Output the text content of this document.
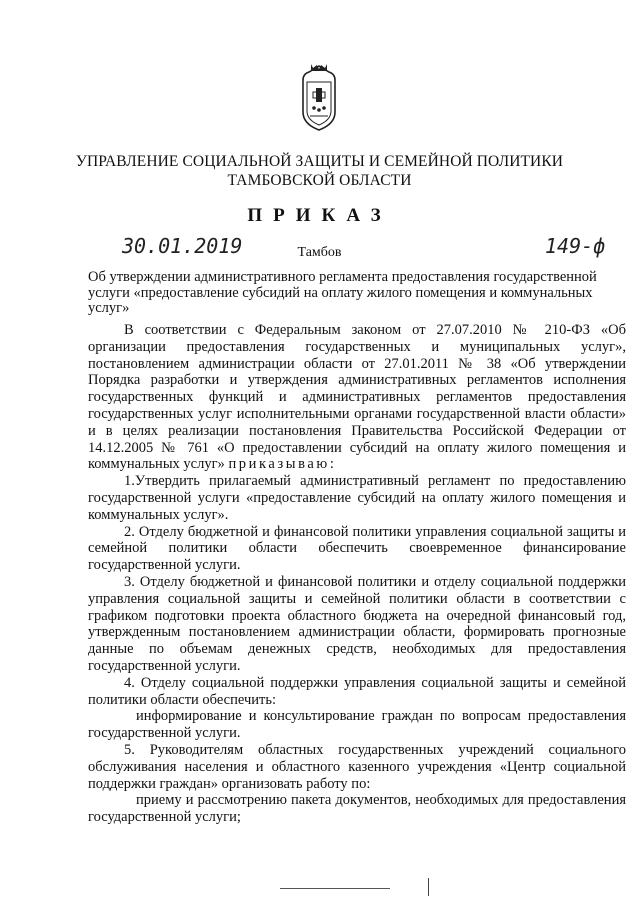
УПРАВЛЕНИЕ СОЦИАЛЬНОЙ ЗАЩИТЫ И СЕМЕЙНОЙ ПОЛИТИКИ
ТАМБОВСКОЙ ОБЛАСТИ
ПРИКАЗ
30.01.2019	Тамбов	149-ф
Об утверждении административного регламента предоставления государственной услуги «предоставление субсидий на оплату жилого помещения и коммунальных услуг»

В соответствии с Федеральным законом от 27.07.2010 № 210-ФЗ «Об организации предоставления государственных и муниципальных услуг», постановлением администрации области от 27.01.2011 № 38 «Об утверждении Порядка разработки и утверждения административных регламентов исполнения государственных функций и административных регламентов предоставления государственных услуг исполнительными органами государственной власти области» и в целях реализации постановления Правительства Российской Федерации от 14.12.2005 № 761 «О предоставлении субсидий на оплату жилого помещения и коммунальных услуг» приказываю:

1.Утвердить прилагаемый административный регламент по предоставлению государственной услуги «предоставление субсидий на оплату жилого помещения и коммунальных услуг».

2. Отделу бюджетной и финансовой политики управления социальной защиты и семейной политики области обеспечить своевременное финансирование государственной услуги.

3. Отделу бюджетной и финансовой политики и отделу социальной поддержки управления социальной защиты и семейной политики области в соответствии с графиком подготовки проекта областного бюджета на очередной финансовый год, утвержденным постановлением администрации области, формировать прогнозные данные по объемам денежных средств, необходимых для предоставления государственной услуги.

4. Отделу социальной поддержки управления социальной защиты и семейной политики области обеспечить:

информирование и консультирование граждан по вопросам предоставления государственной услуги.

5. Руководителям областных государственных учреждений социального обслуживания населения и областного казенного учреждения «Центр социальной поддержки граждан» организовать работу по:

приему и рассмотрению пакета документов, необходимых для предоставления государственной услуги;
